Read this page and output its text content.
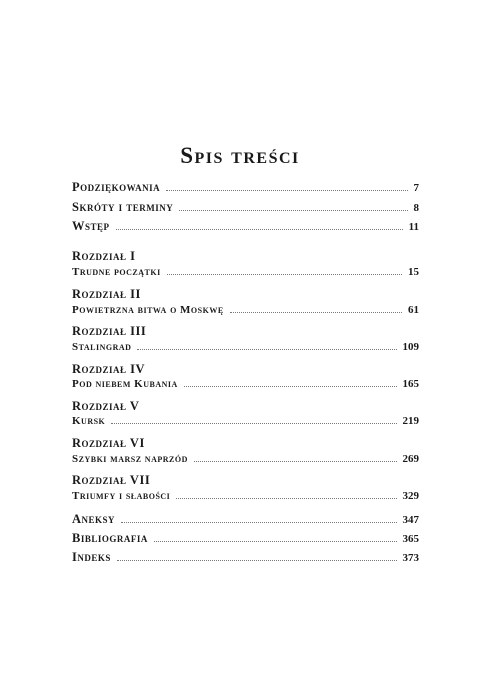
Spis treści
Podziękowania	7
Skróty i terminy	8
Wstęp	11
Rozdział I
Trudne początki	15
Rozdział II
Powietrzna bitwa o Moskwę	61
Rozdział III
Stalingrad	109
Rozdział IV
Pod niebem Kubania	165
Rozdział V
Kursk	219
Rozdział VI
Szybki marsz naprzód	269
Rozdział VII
Triumfy i słabości	329
Aneksy	347
Bibliografia	365
Indeks	373
